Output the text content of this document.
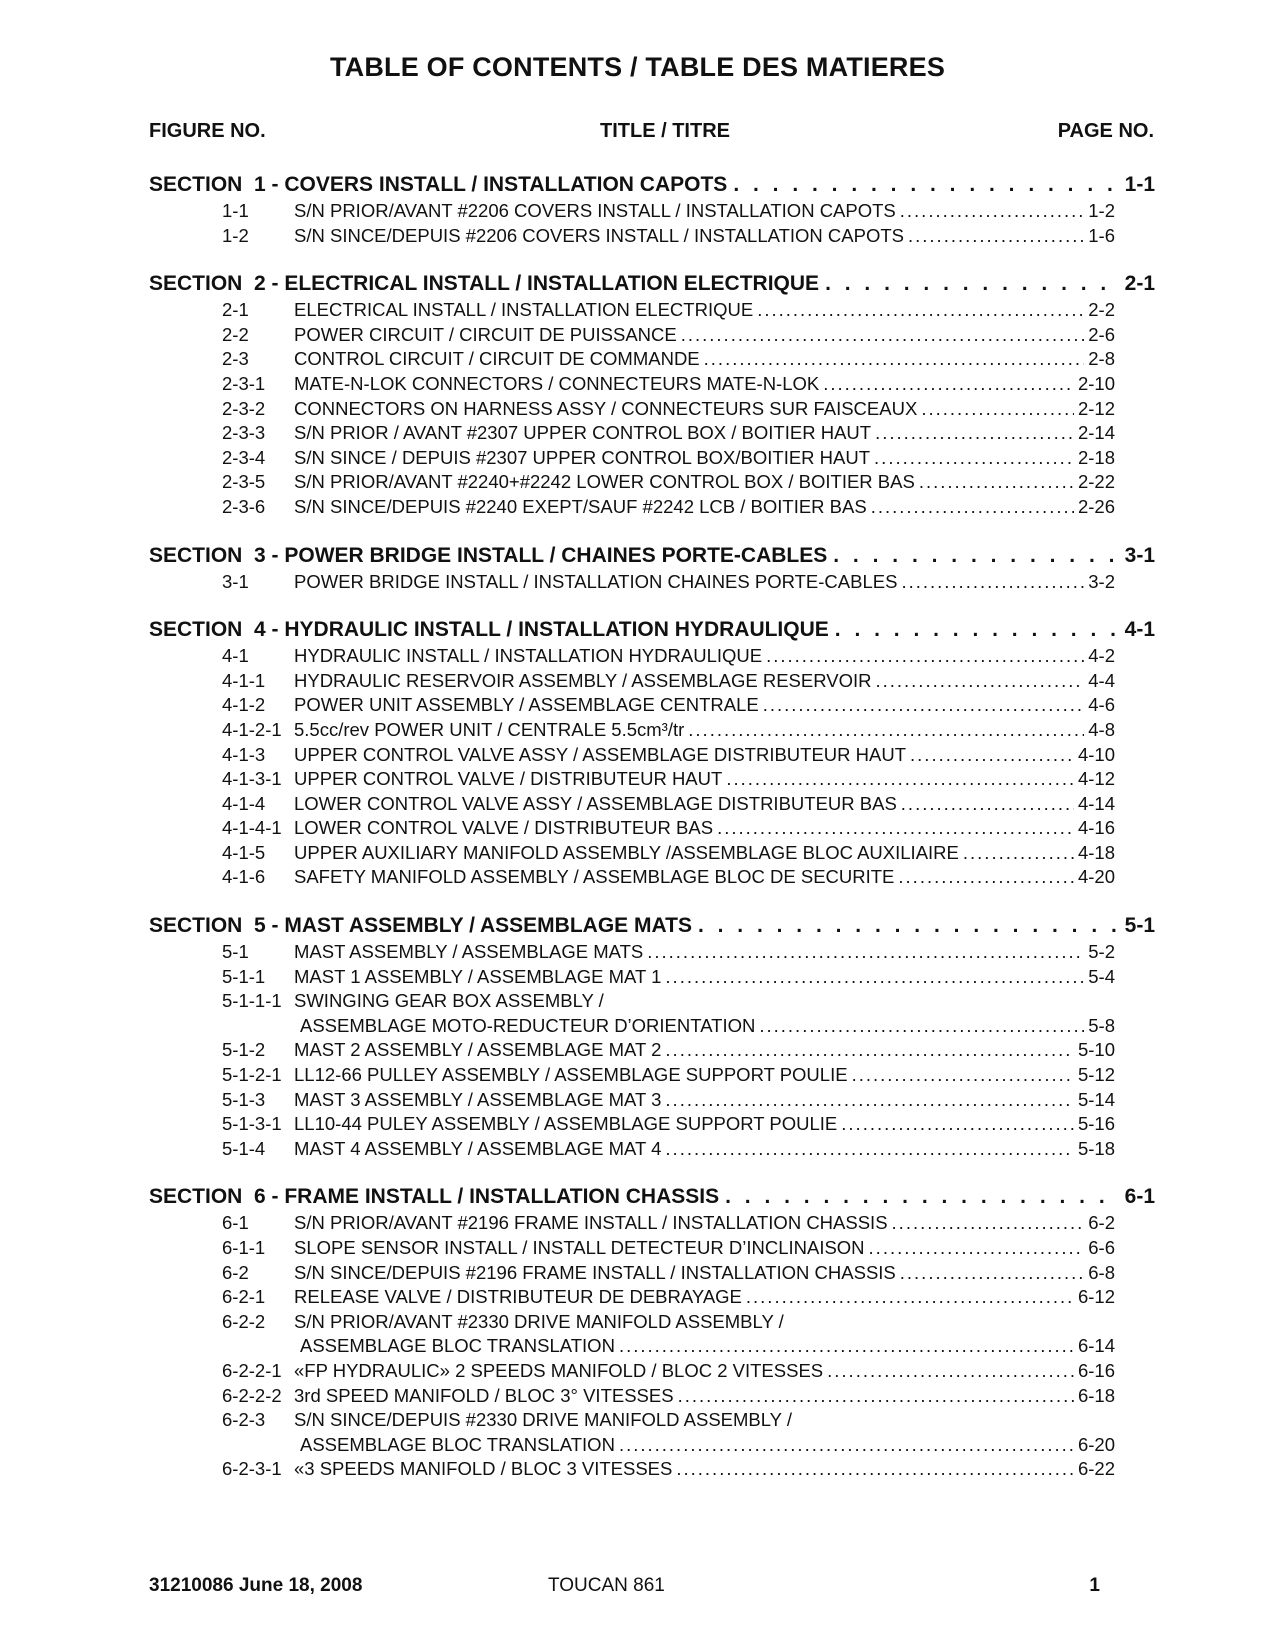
TABLE OF CONTENTS / TABLE DES MATIERES
FIGURE NO.	TITLE / TITRE	PAGE NO.
SECTION  1 - COVERS INSTALL / INSTALLATION CAPOTS . . .	1-1
1-1	S/N PRIOR/AVANT #2206 COVERS INSTALL / INSTALLATION CAPOTS .....	1-2
1-2	S/N SINCE/DEPUIS #2206 COVERS INSTALL / INSTALLATION CAPOTS .....	1-6
SECTION  2 - ELECTRICAL INSTALL / INSTALLATION ELECTRIQUE . . .	2-1
2-1	ELECTRICAL INSTALL / INSTALLATION ELECTRIQUE .....	2-2
2-2	POWER CIRCUIT / CIRCUIT DE PUISSANCE .....	2-6
2-3	CONTROL CIRCUIT / CIRCUIT DE COMMANDE .....	2-8
2-3-1	MATE-N-LOK CONNECTORS / CONNECTEURS MATE-N-LOK .....	2-10
2-3-2	CONNECTORS ON HARNESS ASSY / CONNECTEURS SUR FAISCEAUX .....	2-12
2-3-3	S/N PRIOR / AVANT #2307 UPPER CONTROL BOX / BOITIER HAUT .....	2-14
2-3-4	S/N SINCE / DEPUIS #2307 UPPER CONTROL BOX/BOITIER HAUT .....	2-18
2-3-5	S/N PRIOR/AVANT #2240+#2242 LOWER CONTROL BOX / BOITIER BAS .....	2-22
2-3-6	S/N SINCE/DEPUIS #2240 EXEPT/SAUF #2242 LCB / BOITIER BAS .....	2-26
SECTION  3 - POWER BRIDGE INSTALL / CHAINES PORTE-CABLES . . .	3-1
3-1	POWER BRIDGE INSTALL / INSTALLATION CHAINES PORTE-CABLES .....	3-2
SECTION  4 - HYDRAULIC INSTALL / INSTALLATION HYDRAULIQUE . . .	4-1
4-1	HYDRAULIC INSTALL / INSTALLATION HYDRAULIQUE .....	4-2
4-1-1	HYDRAULIC RESERVOIR ASSEMBLY / ASSEMBLAGE RESERVOIR .....	4-4
4-1-2	POWER UNIT ASSEMBLY / ASSEMBLAGE CENTRALE .....	4-6
4-1-2-1 5.5cc/rev POWER UNIT / CENTRALE 5.5cm³/tr .....	4-8
4-1-3	UPPER CONTROL VALVE ASSY / ASSEMBLAGE DISTRIBUTEUR HAUT .....	4-10
4-1-3-1 UPPER CONTROL VALVE / DISTRIBUTEUR HAUT .....	4-12
4-1-4	LOWER CONTROL VALVE ASSY / ASSEMBLAGE DISTRIBUTEUR BAS .....	4-14
4-1-4-1 LOWER CONTROL VALVE / DISTRIBUTEUR BAS .....	4-16
4-1-5	UPPER AUXILIARY MANIFOLD ASSEMBLY /ASSEMBLAGE BLOC AUXILIAIRE .....	4-18
4-1-6	SAFETY MANIFOLD ASSEMBLY / ASSEMBLAGE BLOC DE SECURITE .....	4-20
SECTION  5 - MAST ASSEMBLY / ASSEMBLAGE MATS . . .	5-1
5-1	MAST ASSEMBLY / ASSEMBLAGE MATS .....	5-2
5-1-1	MAST 1 ASSEMBLY / ASSEMBLAGE MAT 1 .....	5-4
5-1-1-1 SWINGING GEAR BOX ASSEMBLY /
ASSEMBLAGE MOTO-REDUCTEUR D’ORIENTATION .....	5-8
5-1-2	MAST 2 ASSEMBLY / ASSEMBLAGE MAT 2 .....	5-10
5-1-2-1 LL12-66 PULLEY ASSEMBLY / ASSEMBLAGE SUPPORT POULIE .....	5-12
5-1-3	MAST 3 ASSEMBLY / ASSEMBLAGE MAT 3 .....	5-14
5-1-3-1 LL10-44 PULEY ASSEMBLY / ASSEMBLAGE SUPPORT POULIE .....	5-16
5-1-4	MAST 4 ASSEMBLY / ASSEMBLAGE MAT 4 .....	5-18
SECTION  6 - FRAME INSTALL / INSTALLATION CHASSIS . . .	6-1
6-1	S/N PRIOR/AVANT #2196 FRAME INSTALL / INSTALLATION CHASSIS .....	6-2
6-1-1	SLOPE SENSOR INSTALL / INSTALL DETECTEUR D’INCLINAISON .....	6-6
6-2	S/N SINCE/DEPUIS #2196 FRAME INSTALL / INSTALLATION CHASSIS .....	6-8
6-2-1	RELEASE VALVE / DISTRIBUTEUR DE DEBRAYAGE .....	6-12
6-2-2	S/N PRIOR/AVANT #2330 DRIVE MANIFOLD ASSEMBLY /
ASSEMBLAGE BLOC TRANSLATION .....	6-14
6-2-2-1 «FP HYDRAULIC» 2 SPEEDS MANIFOLD / BLOC 2 VITESSES .....	6-16
6-2-2-2 3rd SPEED MANIFOLD / BLOC 3° VITESSES .....	6-18
6-2-3	S/N SINCE/DEPUIS #2330 DRIVE MANIFOLD ASSEMBLY /
ASSEMBLAGE BLOC TRANSLATION .....	6-20
6-2-3-1 «3 SPEEDS MANIFOLD / BLOC 3 VITESSES .....	6-22
31210086 June 18, 2008	TOUCAN 861	1
